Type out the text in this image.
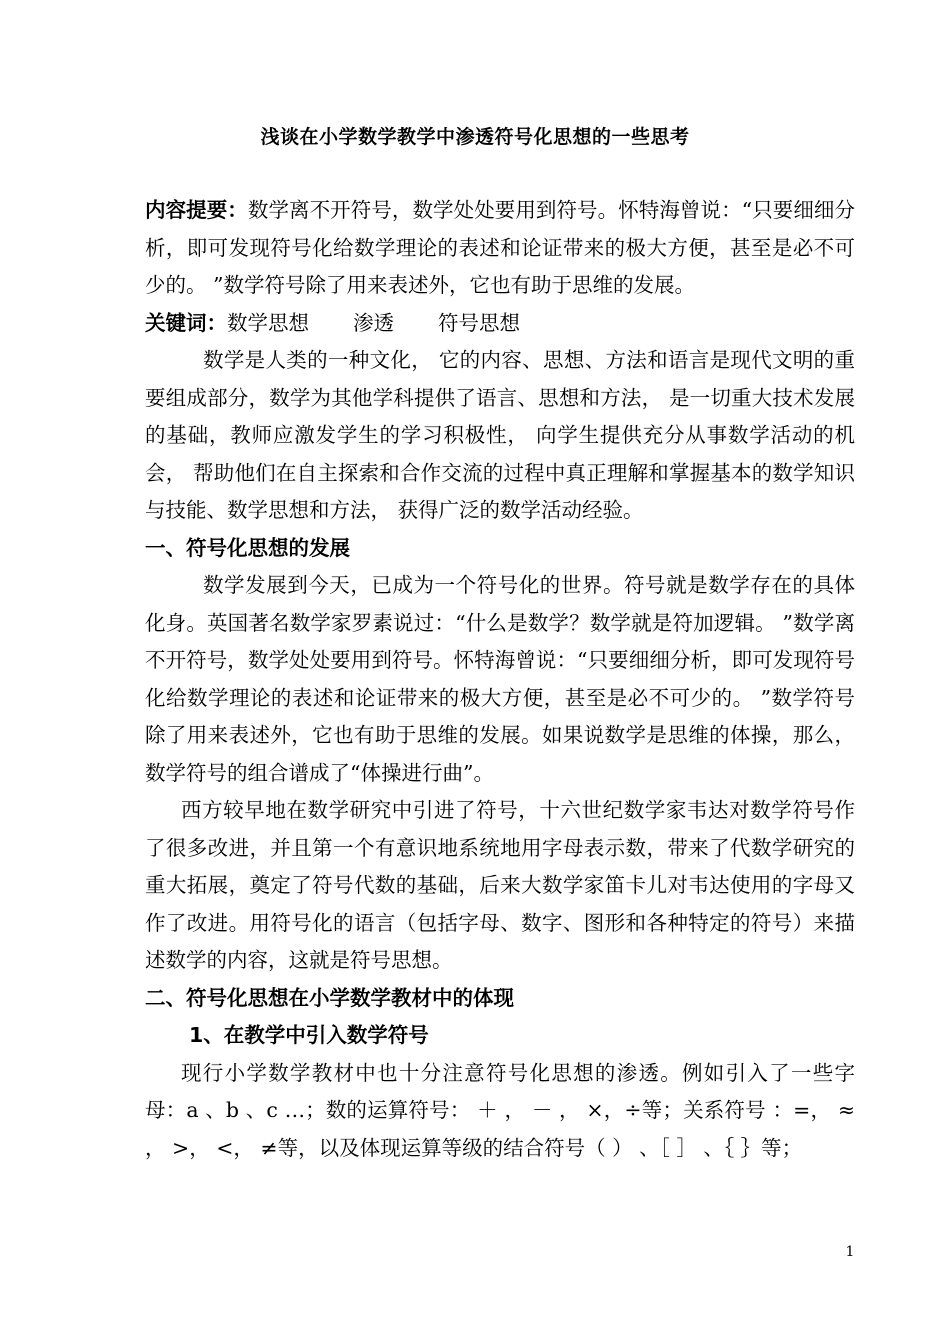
浅谈在小学数学教学中渗透符号化思想的一些思考

内容提要：数学离不开符号，数学处处要用到符号。怀特海曾说：“只要细细分析，即可发现符号化给数学理论的表述和论证带来的极大方便，甚至是必不可少的。 ”数学符号除了用来表述外，它也有助于思维的发展。

关键词：数学思想 渗透 符号思想

数学是人类的一种文化， 它的内容、思想、方法和语言是现代文明的重要组成部分，数学为其他学科提供了语言、思想和方法， 是一切重大技术发展的基础，教师应激发学生的学习积极性， 向学生提供充分从事数学活动的机会， 帮助他们在自主探索和合作交流的过程中真正理解和掌握基本的数学知识与技能、数学思想和方法， 获得广泛的数学活动经验。

一、符号化思想的发展

数学发展到今天，已成为一个符号化的世界。符号就是数学存在的具体化身。英国著名数学家罗素说过：“什么是数学？数学就是符加逻辑。 ”数学离不开符号，数学处处要用到符号。怀特海曾说：“只要细细分析，即可发现符号化给数学理论的表述和论证带来的极大方便，甚至是必不可少的。 ”数学符号除了用来表述外，它也有助于思维的发展。如果说数学是思维的体操，那么，数学符号的组合谱成了“体操进行曲”。

西方较早地在数学研究中引进了符号，十六世纪数学家韦达对数学符号作了很多改进，并且第一个有意识地系统地用字母表示数，带来了代数学研究的重大拓展，奠定了符号代数的基础，后来大数学家笛卡儿对韦达使用的字母又作了改进。用符号化的语言（包括字母、数字、图形和各种特定的符号）来描述数学的内容，这就是符号思想。

二、符号化思想在小学数学教材中的体现

1、在教学中引入数学符号

现行小学数学教材中也十分注意符号化思想的渗透。例如引入了一些字母：a 、b 、c …；数的运算符号： ＋ ， － ， ×，÷等；关系符号 ：=， ≈ ， >， <， ≠等，以及体现运算等级的结合符号（ ） 、［ ］ 、｛ ｝等；

1
